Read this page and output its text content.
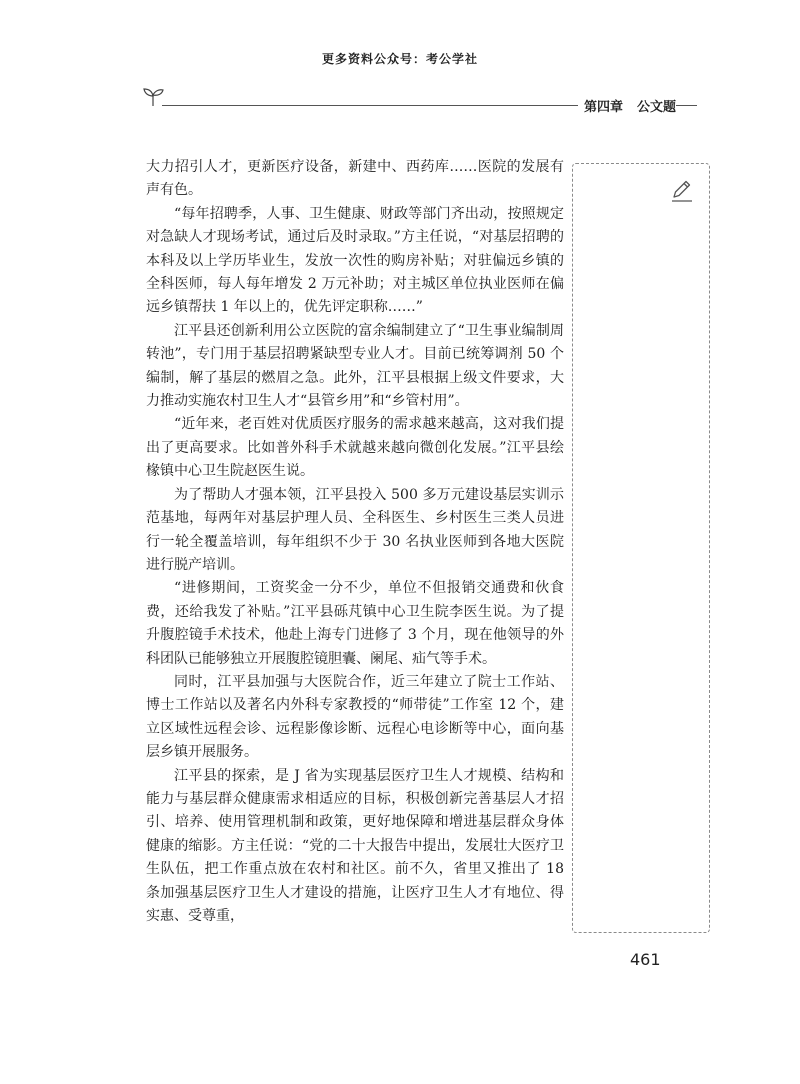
更多资料公众号：考公学社
第四章 公文题

大力招引人才，更新医疗设备，新建中、西药库……医院的发展有声有色。

“每年招聘季，人事、卫生健康、财政等部门齐出动，按照规定对急缺人才现场考试，通过后及时录取。”方主任说，“对基层招聘的本科及以上学历毕业生，发放一次性的购房补贴；对驻偏远乡镇的全科医师，每人每年增发 2 万元补助；对主城区单位执业医师在偏远乡镇帮扶 1 年以上的，优先评定职称……”

江平县还创新利用公立医院的富余编制建立了“卫生事业编制周转池”，专门用于基层招聘紧缺型专业人才。目前已统筹调剂 50 个编制，解了基层的燃眉之急。此外，江平县根据上级文件要求，大力推动实施农村卫生人才“县管乡用”和“乡管村用”。

“近年来，老百姓对优质医疗服务的需求越来越高，这对我们提出了更高要求。比如普外科手术就越来越向微创化发展。”江平县绘椽镇中心卫生院赵医生说。

为了帮助人才强本领，江平县投入 500 多万元建设基层实训示范基地，每两年对基层护理人员、全科医生、乡村医生三类人员进行一轮全覆盖培训，每年组织不少于 30 名执业医师到各地大医院进行脱产培训。

“进修期间，工资奖金一分不少，单位不但报销交通费和伙食费，还给我发了补贴。”江平县砾芃镇中心卫生院李医生说。为了提升腹腔镜手术技术，他赴上海专门进修了 3 个月，现在他领导的外科团队已能够独立开展腹腔镜胆囊、阑尾、疝气等手术。

同时，江平县加强与大医院合作，近三年建立了院士工作站、博士工作站以及著名内外科专家教授的“师带徒”工作室 12 个，建立区域性远程会诊、远程影像诊断、远程心电诊断等中心，面向基层乡镇开展服务。

江平县的探索，是 J 省为实现基层医疗卫生人才规模、结构和能力与基层群众健康需求相适应的目标，积极创新完善基层人才招引、培养、使用管理机制和政策，更好地保障和增进基层群众身体健康的缩影。方主任说：“党的二十大报告中提出，发展壮大医疗卫生队伍，把工作重点放在农村和社区。前不久，省里又推出了 18 条加强基层医疗卫生人才建设的措施，让医疗卫生人才有地位、得实惠、受尊重，

461
